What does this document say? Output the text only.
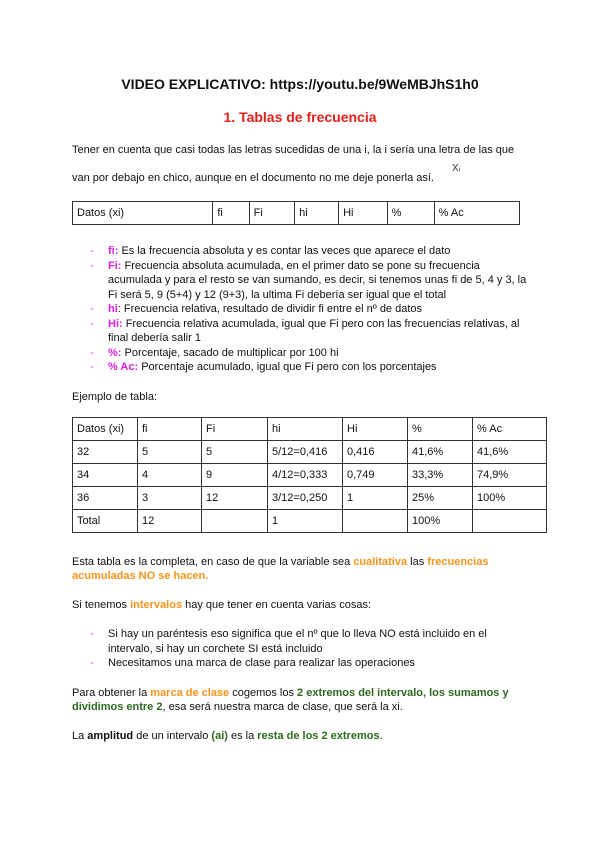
VIDEO EXPLICATIVO: https://youtu.be/9WeMBJhS1h0
1. Tablas de frecuencia

Tener en cuenta que casi todas las letras sucedidas de una i, la i sería una letra de las que

van por debajo en chico, aunque en el documento no me deje ponerla así.

Xᵢ
Datos (xi)	fi	Fi	hi	Hi	%	% Ac
- fi: Es la frecuencia absoluta y es contar las veces que aparece el dato
- Fi: Frecuencia absoluta acumulada, en el primer dato se pone su frecuencia acumulada y para el resto se van sumando, es decir, si tenemos unas fi de 5, 4 y 3, la Fi será 5, 9 (5+4) y 12 (9+3), la ultima Fi debería ser igual que el total
- hi: Frecuencia relativa, resultado de dividir fi entre el nº de datos
- Hi: Frecuencia relativa acumulada, igual que Fi pero con las frecuencias relativas, al final debería salir 1
- %: Porcentaje, sacado de multiplicar por 100 hi
- % Ac: Porcentaje acumulado, igual que Fi pero con los porcentajes

Ejemplo de tabla:

Datos (xi)	fi	Fi	hi	Hi	%	% Ac
32	5	5	5/12=0,416	0,416	41,6%	41,6%
34	4	9	4/12=0,333	0,749	33,3%	74,9%
36	3	12	3/12=0,250	1	25%	100%
Total	12		1		100%	

Esta tabla es la completa, en caso de que la variable sea cualitativa las frecuencias acumuladas NO se hacen.

Si tenemos intervalos hay que tener en cuenta varias cosas:

- Si hay un paréntesis eso significa que el nº que lo lleva NO está incluido en el intervalo, si hay un corchete SI está incluido
- Necesitamos una marca de clase para realizar las operaciones

Para obtener la marca de clase cogemos los 2 extremos del intervalo, los sumamos y dividimos entre 2, esa será nuestra marca de clase, que será la xi.

La amplitud de un intervalo (ai) es la resta de los 2 extremos.
